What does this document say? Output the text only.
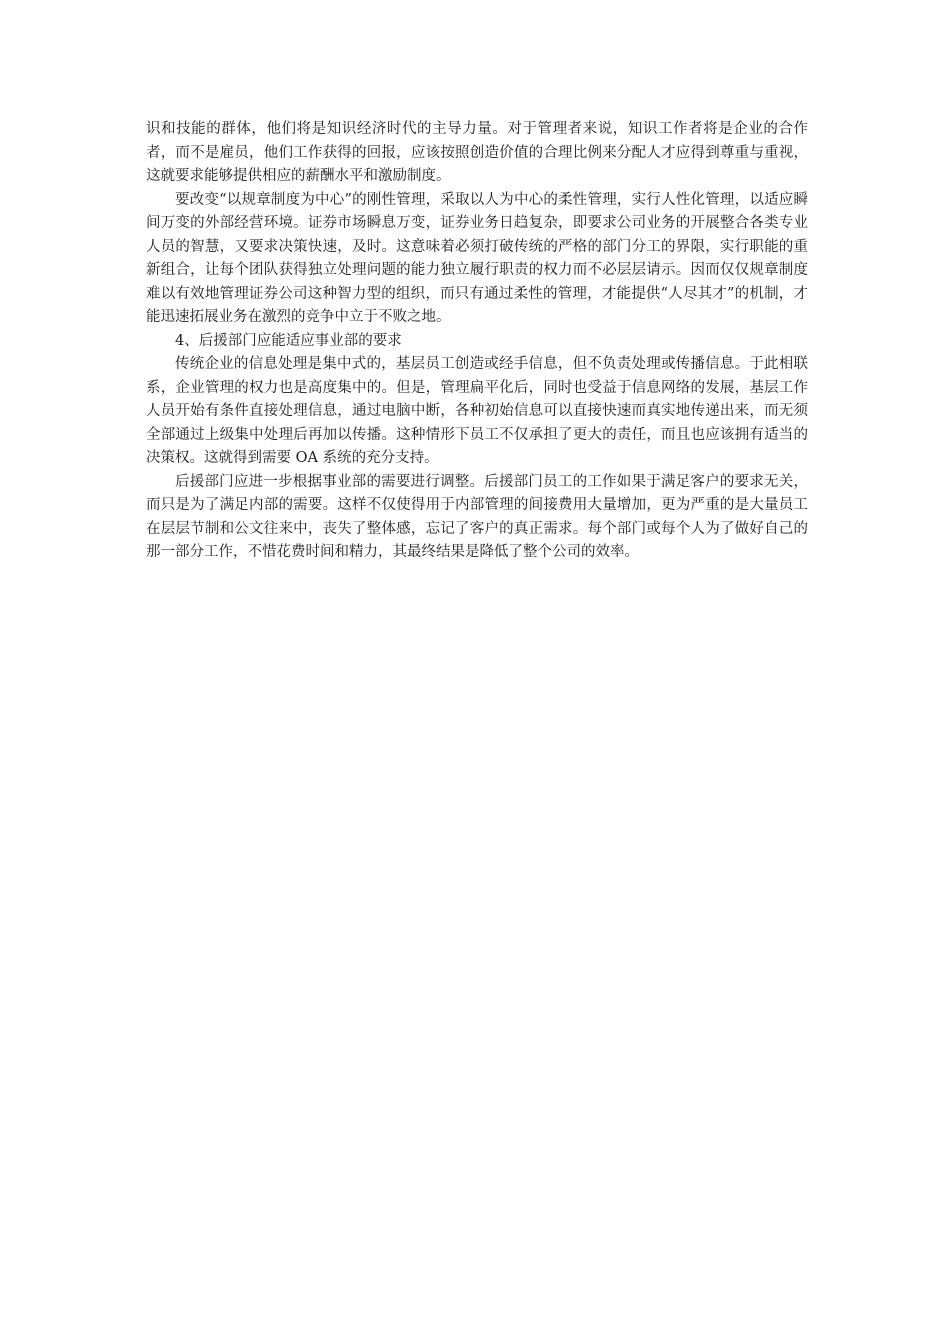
识和技能的群体，他们将是知识经济时代的主导力量。对于管理者来说，知识工作者将是企业的合作者，而不是雇员，他们工作获得的回报，应该按照创造价值的合理比例来分配人才应得到尊重与重视，这就要求能够提供相应的薪酬水平和激励制度。

要改变“以规章制度为中心”的刚性管理，采取以人为中心的柔性管理，实行人性化管理，以适应瞬间万变的外部经营环境。证券市场瞬息万变，证券业务日趋复杂，即要求公司业务的开展整合各类专业人员的智慧，又要求决策快速，及时。这意味着必须打破传统的严格的部门分工的界限，实行职能的重新组合，让每个团队获得独立处理问题的能力独立履行职责的权力而不必层层请示。因而仅仅规章制度难以有效地管理证券公司这种智力型的组织，而只有通过柔性的管理，才能提供“人尽其才”的机制，才能迅速拓展业务在激烈的竞争中立于不败之地。

4、后援部门应能适应事业部的要求

传统企业的信息处理是集中式的，基层员工创造或经手信息，但不负责处理或传播信息。于此相联系，企业管理的权力也是高度集中的。但是，管理扁平化后，同时也受益于信息网络的发展，基层工作人员开始有条件直接处理信息，通过电脑中断，各种初始信息可以直接快速而真实地传递出来，而无须全部通过上级集中处理后再加以传播。这种情形下员工不仅承担了更大的责任，而且也应该拥有适当的决策权。这就得到需要 OA 系统的充分支持。

后援部门应进一步根据事业部的需要进行调整。后援部门员工的工作如果于满足客户的要求无关，而只是为了满足内部的需要。这样不仅使得用于内部管理的间接费用大量增加，更为严重的是大量员工在层层节制和公文往来中，丧失了整体感，忘记了客户的真正需求。每个部门或每个人为了做好自己的那一部分工作，不惜花费时间和精力，其最终结果是降低了整个公司的效率。
